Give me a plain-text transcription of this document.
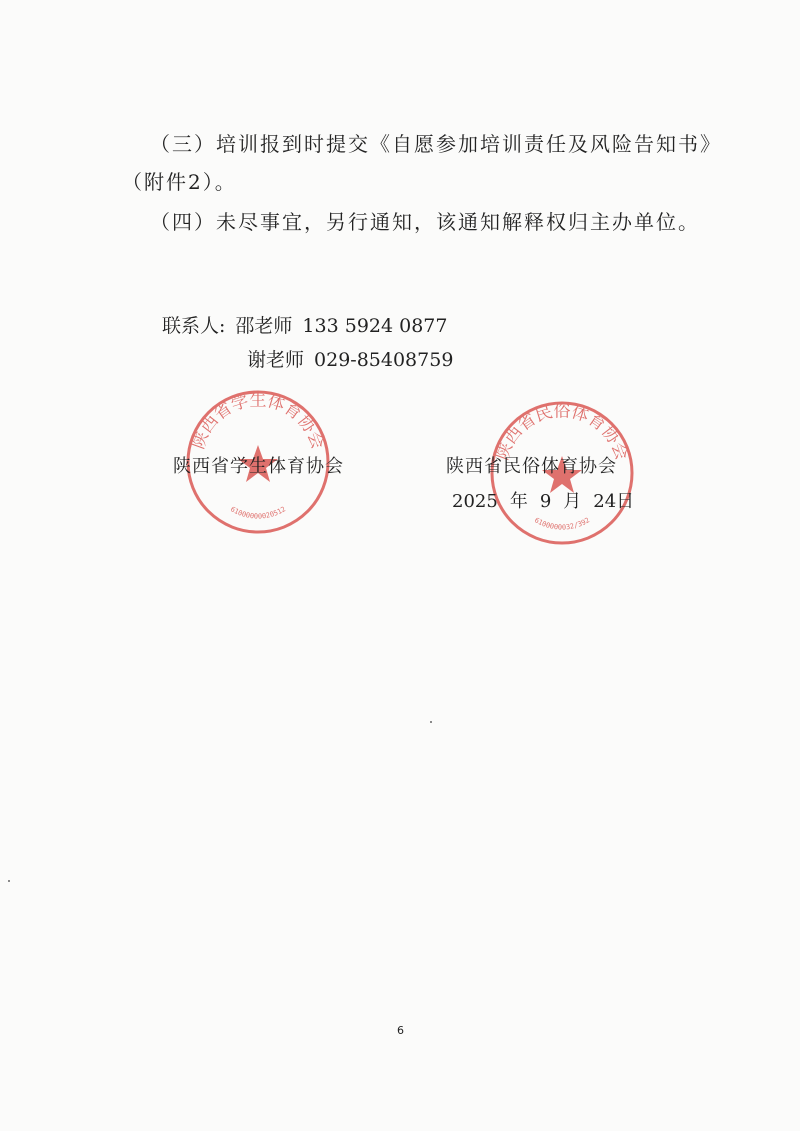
（三）培训报到时提交《自愿参加培训责任及风险告知书》
（附件2）。
（四）未尽事宜，另行通知，该通知解释权归主办单位。
联系人: 邵老师 133 5924 0877
谢老师 029-85408759
陕西省学生体育协会
61000000020512
陕西省民俗体育协会
6100000032/392
陕西省学生体育协会	陕西省民俗体育协会
2025 年 9 月 24日
6
